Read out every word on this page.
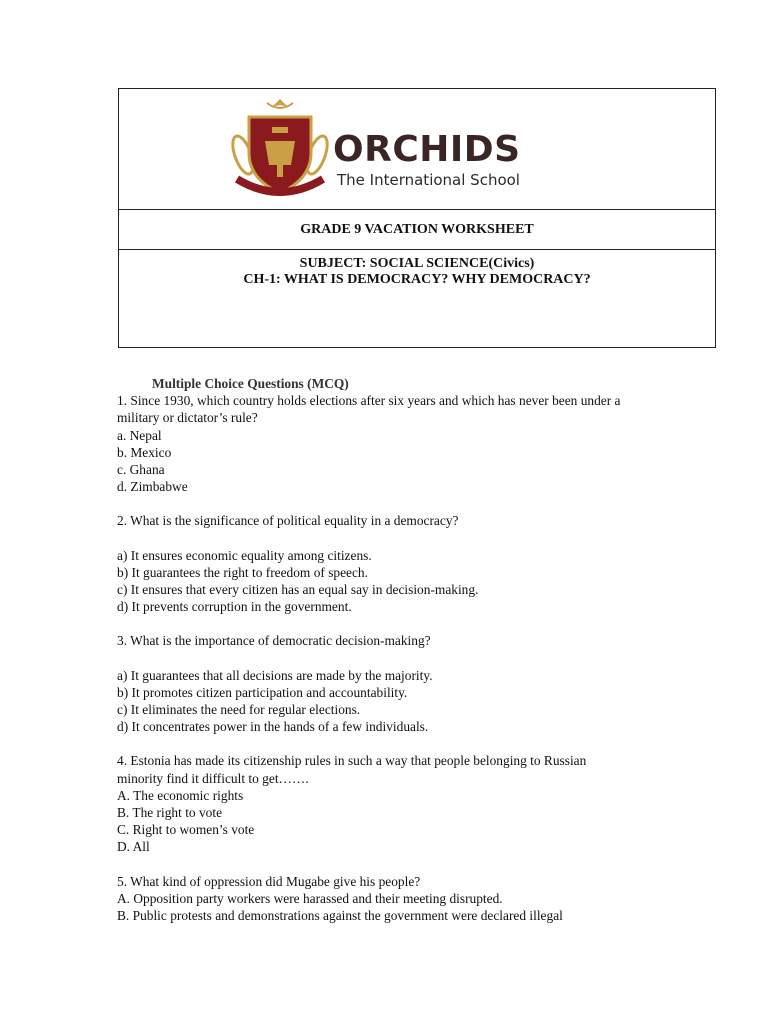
ORCHIDS
The International School
GRADE 9 VACATION WORKSHEET
SUBJECT: SOCIAL SCIENCE(Civics)
CH-1: WHAT IS DEMOCRACY? WHY DEMOCRACY?
Multiple Choice Questions (MCQ)
1. Since 1930, which country holds elections after six years and which has never been under a
military or dictator’s rule?
a. Nepal
b. Mexico
c. Ghana
d. Zimbabwe
2. What is the significance of political equality in a democracy?
a) It ensures economic equality among citizens.
b) It guarantees the right to freedom of speech.
c) It ensures that every citizen has an equal say in decision-making.
d) It prevents corruption in the government.
3. What is the importance of democratic decision-making?
a) It guarantees that all decisions are made by the majority.
b) It promotes citizen participation and accountability.
c) It eliminates the need for regular elections.
d) It concentrates power in the hands of a few individuals.
4. Estonia has made its citizenship rules in such a way that people belonging to Russian
minority find it difficult to get…….
A. The economic rights
B. The right to vote
C. Right to women’s vote
D. All
5. What kind of oppression did Mugabe give his people?
A. Opposition party workers were harassed and their meeting disrupted.
B. Public protests and demonstrations against the government were declared illegal
